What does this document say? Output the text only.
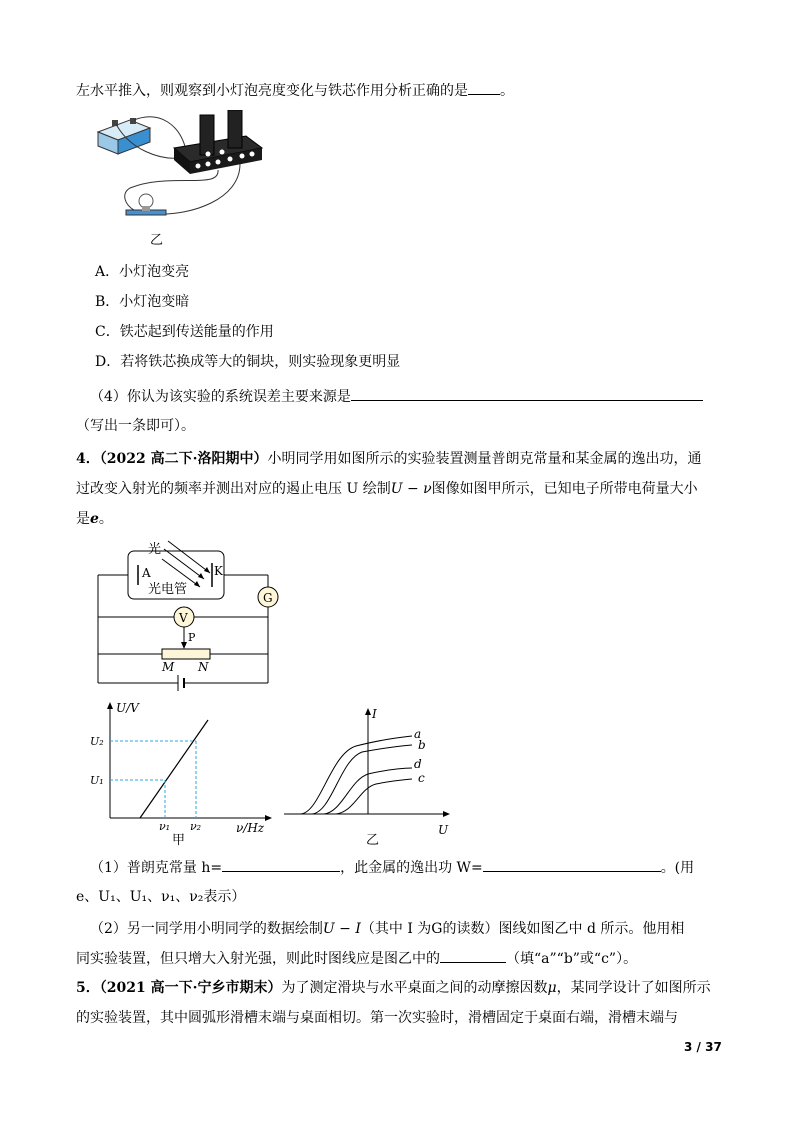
左水平推入，则观察到小灯泡亮度变化与铁芯作用分析正确的是 。
乙
A．小灯泡变亮
B．小灯泡变暗
C．铁芯起到传送能量的作用
D．若将铁芯换成等大的铜块，则实验现象更明显
（4）你认为该实验的系统误差主要来源是
（写出一条即可）。
4．（2022 高二下·洛阳期中）小明同学用如图所示的实验装置测量普朗克常量和某金属的逸出功，通
过改变入射光的频率并测出对应的遏止电压 U 绘制U − ν图像如图甲所示，已知电子所带电荷量大小
是e。
光
A	K
光电管
G
V
P
M N
U/V
ν/Hz
U₂
U₁
ν₁ ν₂
甲
I
U
a
b
d
c
乙
（1）普朗克常量 h=	，此金属的逸出功 W=	。(用
e、U₁、U₁、ν₁、ν₂表示）
（2）另一同学用小明同学的数据绘制U − I（其中 I 为G的读数）图线如图乙中 d 所示。他用相
同实验装置，但只增大入射光强，则此时图线应是图乙中的	（填“a”“b”或“c”）。
5．（2021 高一下·宁乡市期末）为了测定滑块与水平桌面之间的动摩擦因数μ，某同学设计了如图所示
的实验装置，其中圆弧形滑槽末端与桌面相切。第一次实验时，滑槽固定于桌面右端，滑槽末端与
3 / 37
